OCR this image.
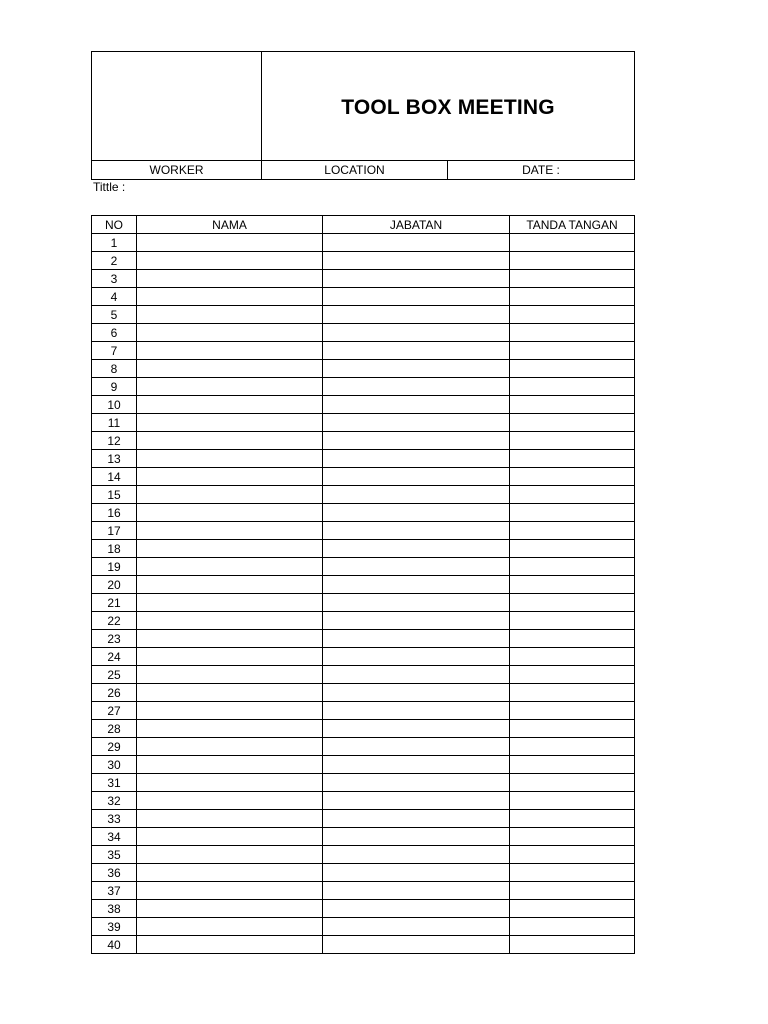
	TOOL BOX MEETING	
WORKER	LOCATION	DATE :
Tittle :
NO	NAMA	JABATAN	TANDA TANGAN
1			
2			
3			
4			
5			
6			
7			
8			
9			
10			
11			
12			
13			
14			
15			
16			
17			
18			
19			
20			
21			
22			
23			
24			
25			
26			
27			
28			
29			
30			
31			
32			
33			
34			
35			
36			
37			
38			
39			
40			
